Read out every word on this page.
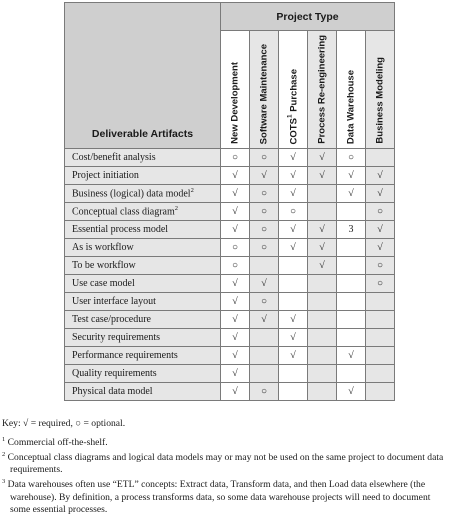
Deliverable Artifacts	Project Type					

	New Development	Software Maintenance	COTS$^1$ Purchase	Process Re-engineering	Data Warehouse	Business Modeling

Cost/benefit analysis	○	○	√	√	○	
Project initiation	√	√	√	√	√	√
Business (logical) data model$^2$	√	○	√		√	√
Conceptual class diagram$^2$	√	○	○			○
Essential process model	√	○	√	√	3	√
As is workflow	○	○	√	√		√
To be workflow	○			√		○
Use case model	√	√				○
User interface layout	√	○				
Test case/procedure	√	√	√			
Security requirements	√		√			
Performance requirements	√		√		√	
Quality requirements	√					
Physical data model	√	○			√	

Key: √ = required, ○ = optional.

$^1$ Commercial off-the-shelf.

$^2$ Conceptual class diagrams and logical data models may or may not be used on the same project to document data requirements.

$^3$ Data warehouses often use “ETL” concepts: Extract data, Transform data, and then Load data elsewhere (the warehouse). By definition, a process transforms data, so some data warehouse projects will need to document some essential processes.
